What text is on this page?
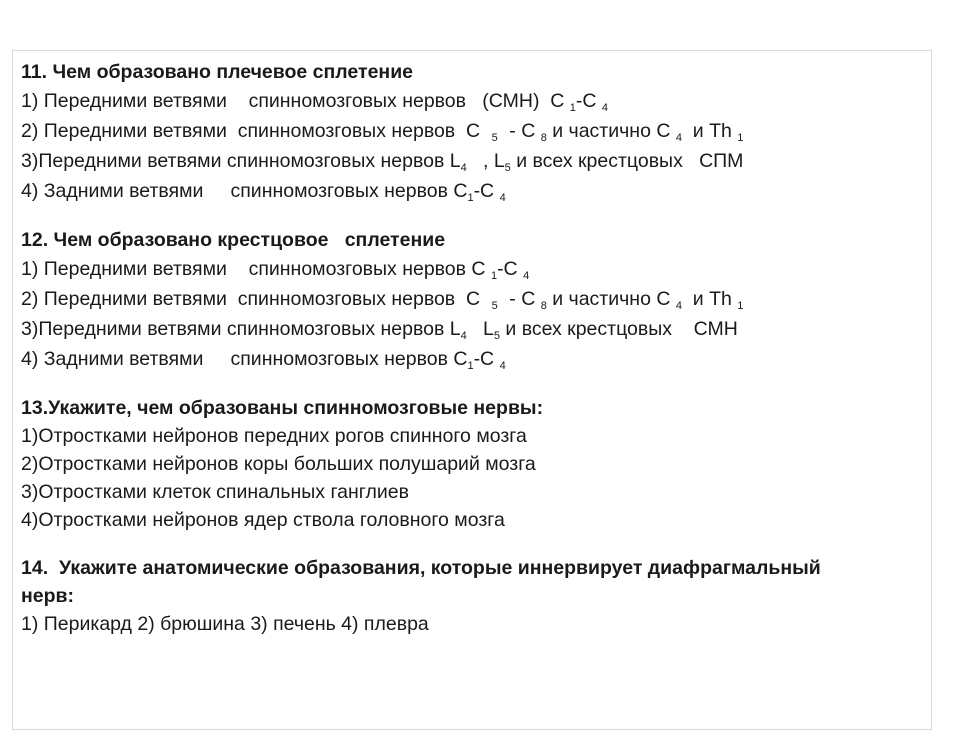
11. Чем образовано плечевое сплетение
1) Передними ветвями    спинномозговых нервов   (СМН)  С $_1$-С $_4$
2) Передними ветвями  спинномозговых нервов  С   $_5$   - С $_8$ и частично С $_4$  и Th $_1$
3)Передними ветвями спинномозговых нервов $L_4$   , $L_5$ и всех крестцовых   СПМ
4) Задними ветвями     спинномозговых нервов $С_1-С$ $_4$
12. Чем образовано крестцовое   сплетение
1) Передними ветвями    спинномозговых нервов С $_1$-С $_4$
2) Передними ветвями  спинномозговых нервов  С   $_5$   - С $_8$ и частично С $_4$  и Th $_1$
3)Передними ветвями спинномозговых нервов $L_4$   $L_5$ и всех крестцовых    СМН
4) Задними ветвями     спинномозговых нервов $С_1-С$ $_4$
13.Укажите, чем образованы спинномозговые нервы:
1)Отростками нейронов передних рогов спинного мозга
2)Отростками нейронов коры больших полушарий мозга
3)Отростками клеток спинальных ганглиев
4)Отростками нейронов ядер ствола головного мозга
14.  Укажите анатомические образования, которые иннервирует диафрагмальный
нерв:
1) Перикард 2) брюшина 3) печень 4) плевра
